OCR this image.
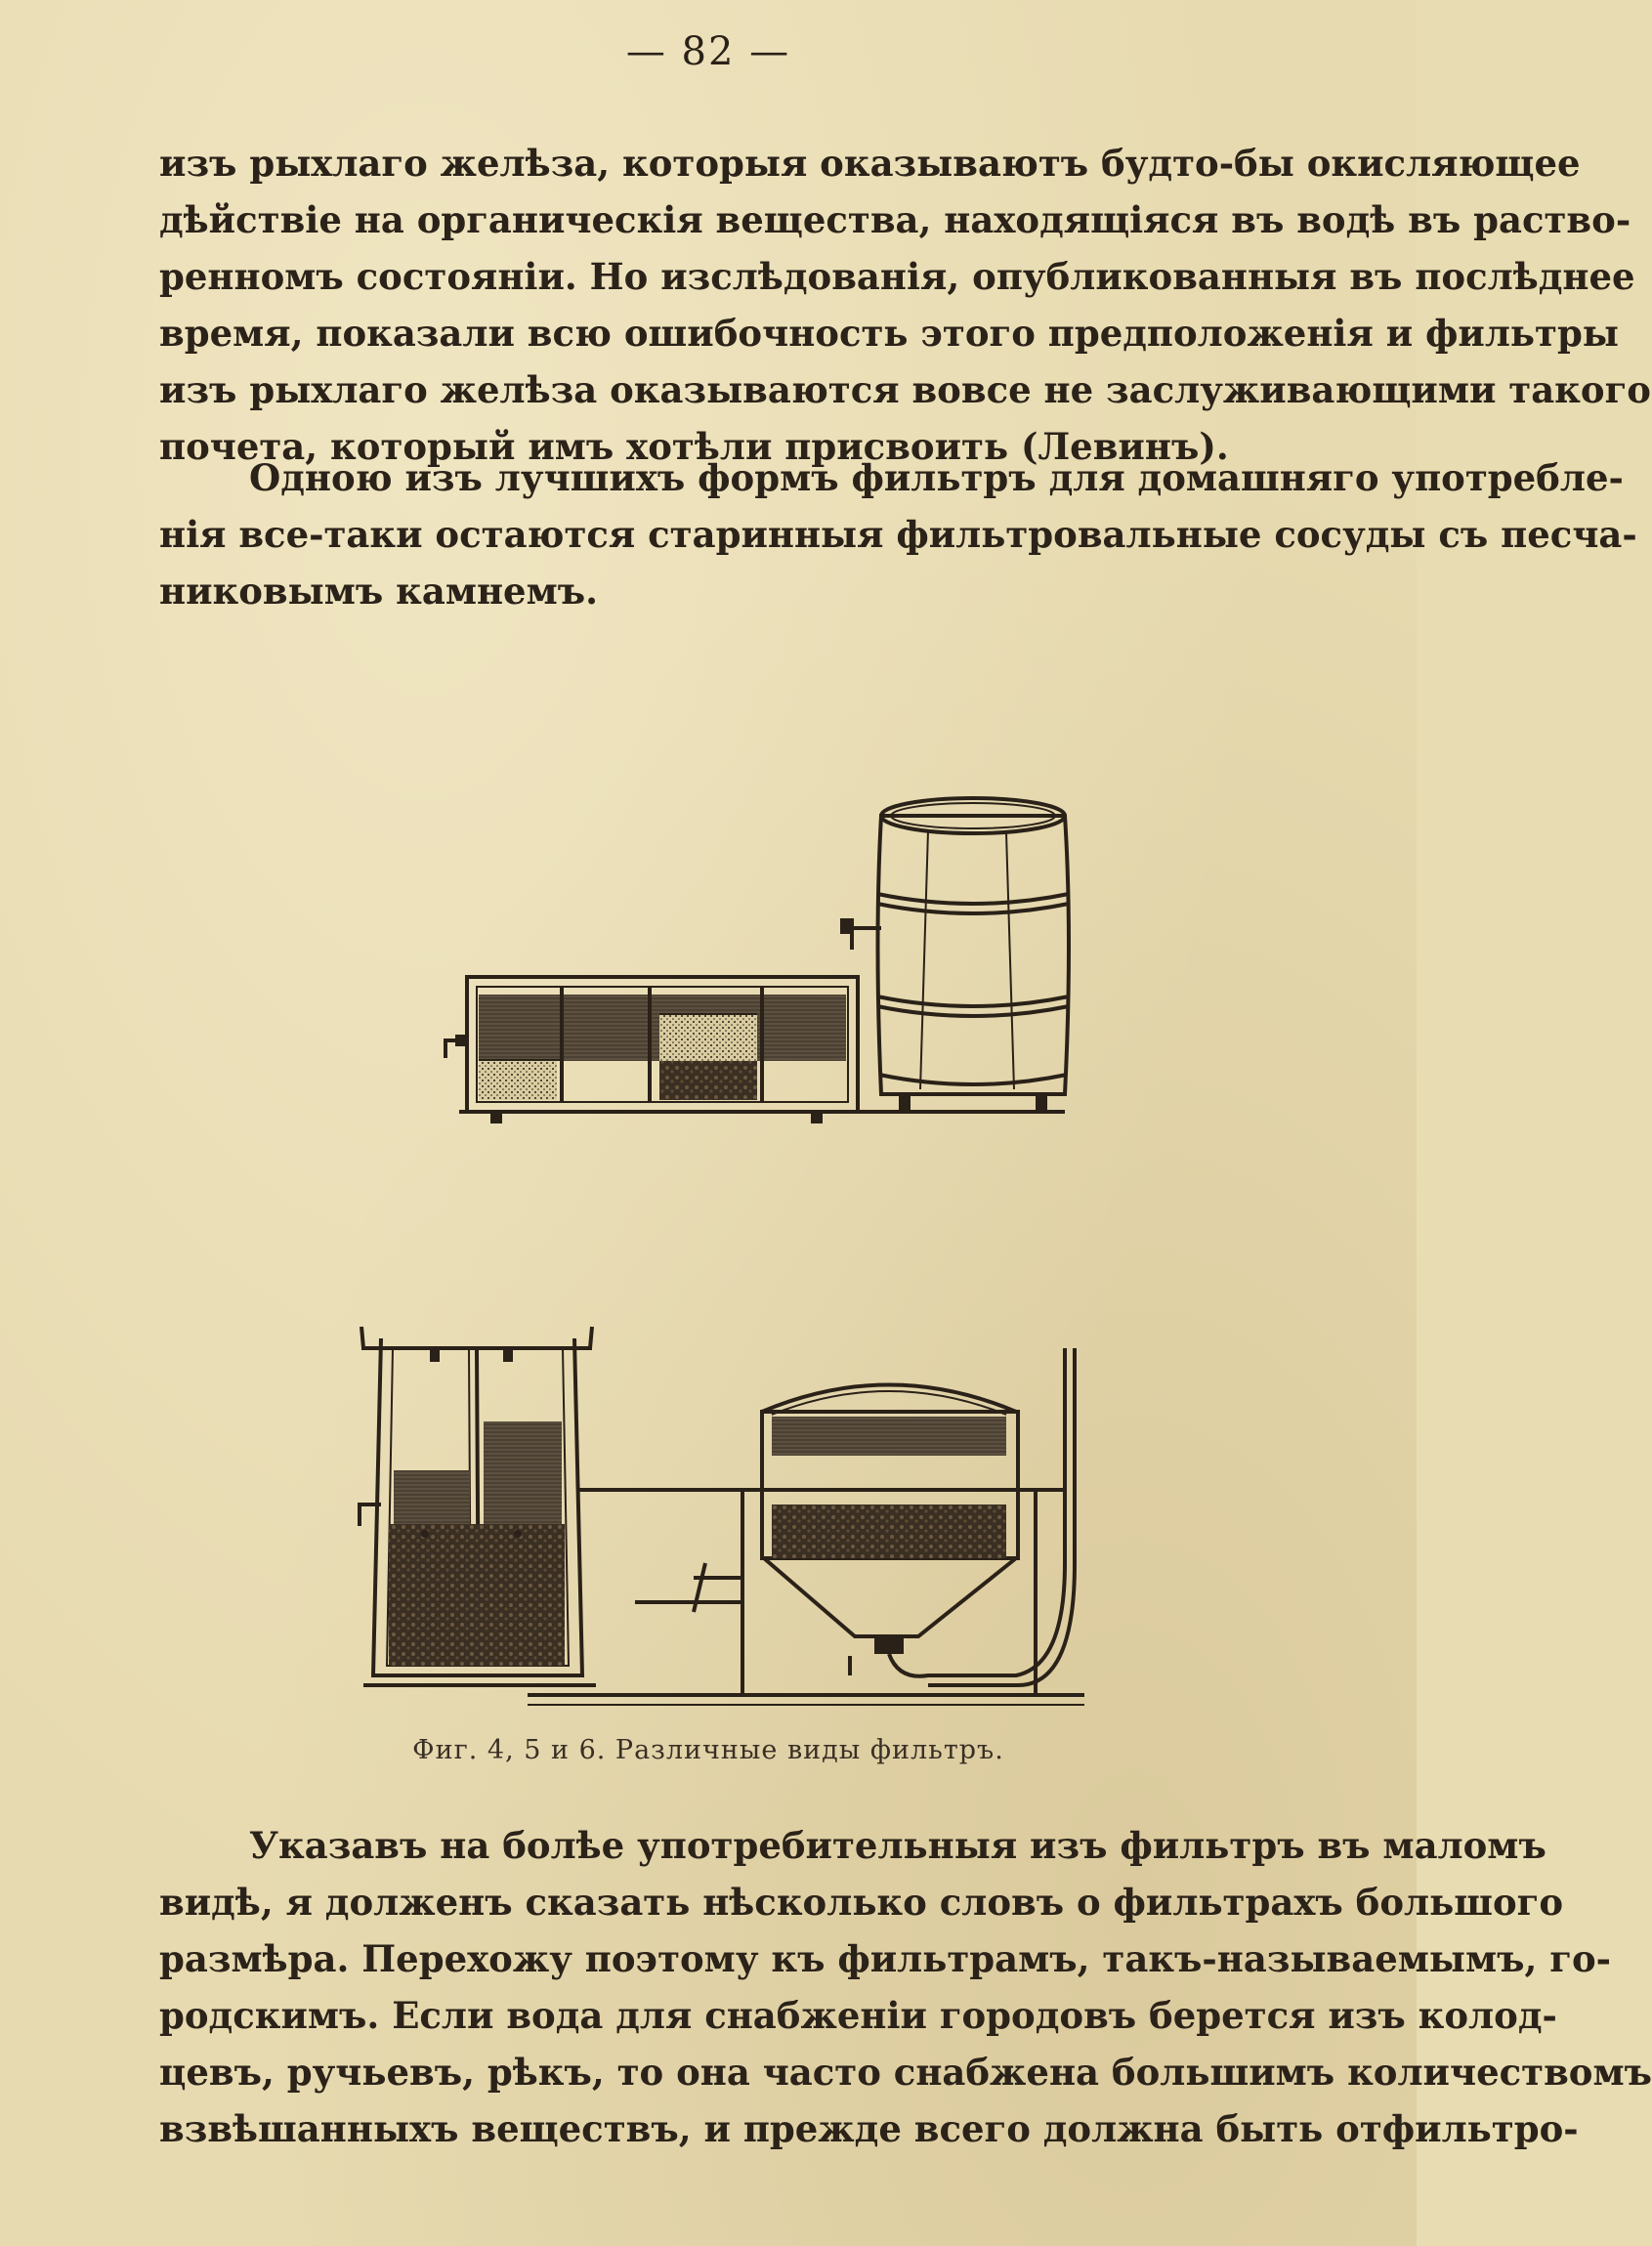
— 82 —
изъ рыхлаго желѣза, которыя оказываютъ будто-бы окисляющее
дѣйствіе на органическія вещества, находящіяся въ водѣ въ раство-
ренномъ состояніи. Но изслѣдованія, опубликованныя въ послѣднее
время, показали всю ошибочность этого предположенія и фильтры
изъ рыхлаго желѣза оказываются вовсе не заслуживающими такого
почета, который имъ хотѣли присвоить (Левинъ).
Одною изъ лучшихъ формъ фильтръ для домашняго употребле-
нія все-таки остаются старинныя фильтровальные сосуды съ песча-
никовымъ камнемъ.
Фиг. 4, 5 и 6. Различные виды фильтръ.
Указавъ на болѣе употребительныя изъ фильтръ въ маломъ
видѣ, я долженъ сказать нѣсколько словъ о фильтрахъ большого
размѣра. Перехожу поэтому къ фильтрамъ, такъ-называемымъ, го-
родскимъ. Если вода для снабженіи городовъ берется изъ колод-
цевъ, ручьевъ, рѣкъ, то она часто снабжена большимъ количествомъ
взвѣшанныхъ веществъ, и прежде всего должна быть отфильтро-
